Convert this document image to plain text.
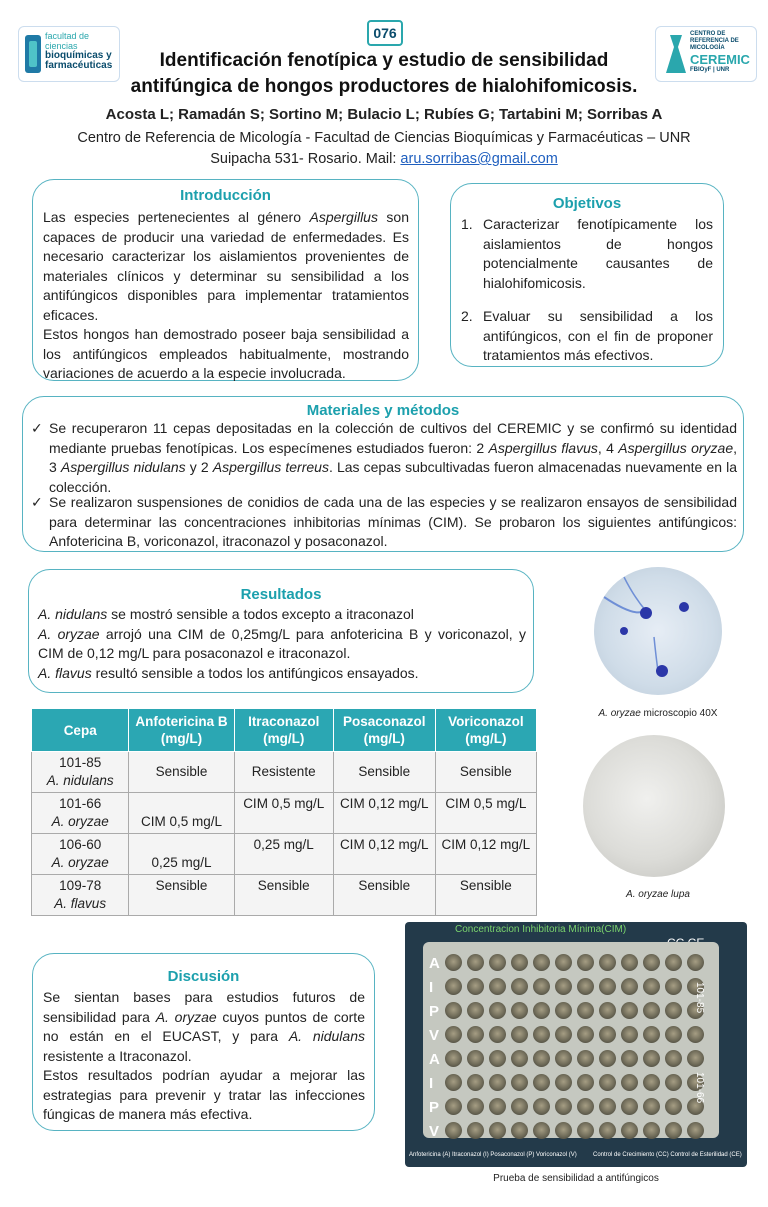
facultad de
ciencias
bioquímicas y
farmacéuticas
076
Identificación fenotípica y estudio de sensibilidad
antifúngica de hongos productores de hialohifomicosis.
CENTRO DE
REFERENCIA DE
MICOLOGÍA
CEREMIC
FBIOyF | UNR
Acosta L; Ramadán S; Sortino M; Bulacio L; Rubíes G; Tartabini M; Sorribas A
Centro de Referencia de Micología - Facultad de Ciencias Bioquímicas y Farmacéuticas – UNR
Suipacha 531- Rosario. Mail: aru.sorribas@gmail.com
Introducción
Las especies pertenecientes al género Aspergillus son capaces de producir una variedad de enfermedades. Es necesario caracterizar los aislamientos provenientes de materiales clínicos y determinar su sensibilidad a los antifúngicos disponibles para implementar tratamientos eficaces.
Estos hongos han demostrado poseer baja sensibilidad a los antifúngicos empleados habitualmente, mostrando variaciones de acuerdo a la especie involucrada.
Objetivos
1. Caracterizar fenotípicamente los aislamientos de hongos potencialmente causantes de hialohifomicosis.
2. Evaluar su sensibilidad a los antifúngicos, con el fin de proponer tratamientos más efectivos.
Materiales y métodos
✓ Se recuperaron 11 cepas depositadas en la colección de cultivos del CEREMIC y se confirmó su identidad mediante pruebas fenotípicas. Los especímenes estudiados fueron: 2 Aspergillus flavus, 4 Aspergillus oryzae, 3 Aspergillus nidulans y 2 Aspergillus terreus. Las cepas subcultivadas fueron almacenadas nuevamente en la colección.
✓ Se realizaron suspensiones de conidios de cada una de las especies y se realizaron ensayos de sensibilidad para determinar las concentraciones inhibitorias mínimas (CIM). Se probaron los siguientes antifúngicos: Anfotericina B, voriconazol, itraconazol y posaconazol.
Resultados
A. nidulans se mostró sensible a todos excepto a itraconazol
A. oryzae arrojó una CIM de 0,25mg/L para anfotericina B y voriconazol, y CIM de 0,12 mg/L para posaconazol e itraconazol.
A. flavus resultó sensible a todos los antifúngicos ensayados.
Cepa	Anfotericina B (mg/L)	Itraconazol (mg/L)	Posaconazol (mg/L)	Voriconazol (mg/L)

101-85
A. nidulans	Sensible	Resistente	Sensible	Sensible

101-66
A. oryzae	CIM 0,5 mg/L	CIM 0,5 mg/L	CIM 0,12 mg/L	CIM 0,5 mg/L

106-60
A. oryzae	0,25 mg/L	0,25 mg/L	CIM 0,12 mg/L	CIM 0,12 mg/L

109-78
A. flavus	Sensible	Sensible	Sensible	Sensible
A. oryzae microscopio 40X
A. oryzae lupa
Discusión
Se sientan bases para estudios futuros de sensibilidad para A. oryzae cuyos puntos de corte no están en el EUCAST, y para A. nidulans resistente a Itraconazol.
Estos resultados podrían ayudar a mejorar las estrategias para prevenir y tratar las infecciones fúngicas de manera más efectiva.
Concentracion Inhibitoria Mínima(CIM)
A
I
P
V
A
I
P
V
101-85
101-66
Anfotericina (A) Itraconazol (I) Posaconazol (P) Voriconazol (V)	Control de Crecimiento (CC) Control de Esterilidad (CE)
Prueba de sensibilidad a antifúngicos
